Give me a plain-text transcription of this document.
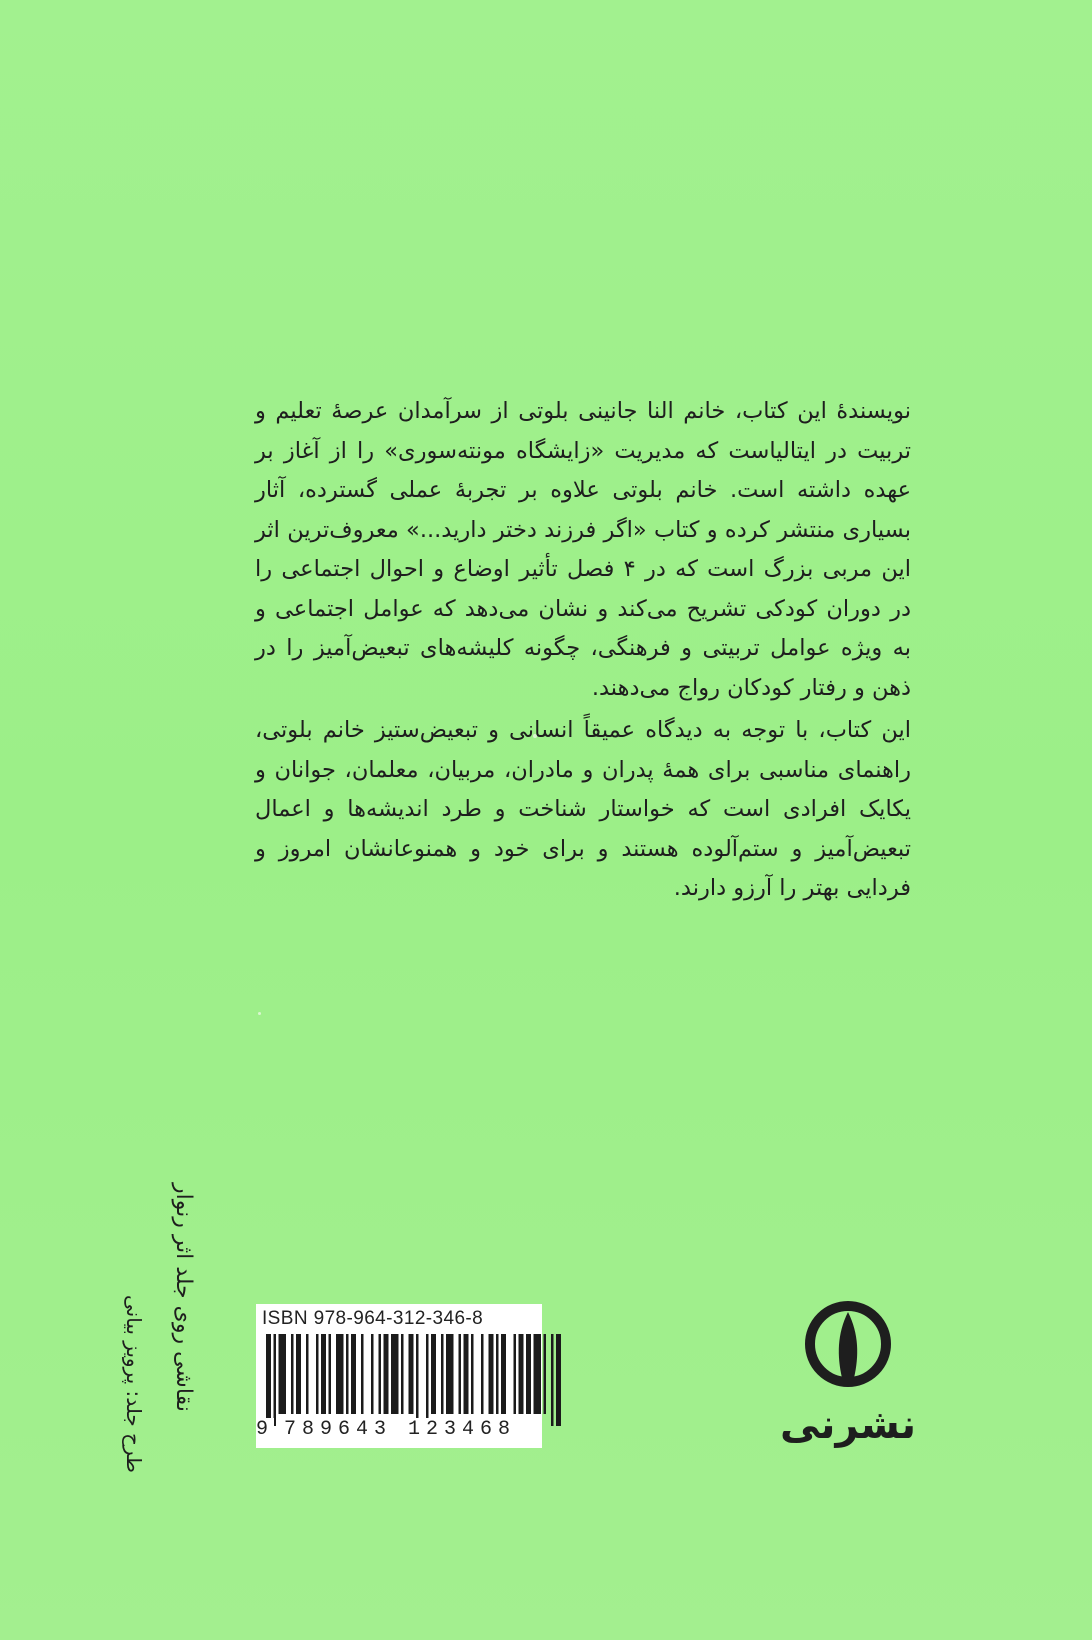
نویسندهٔ این کتاب، خانم النا جانینی بلوتی از سرآمدان عرصهٔ تعلیم و تربیت در ایتالیاست که مدیریت «زایشگاه مونته‌سوری» را از آغاز بر عهده داشته است. خانم بلوتی علاوه بر تجربهٔ عملی گسترده، آثار بسیاری منتشر کرده و کتاب «اگر فرزند دختر دارید...» معروف‌ترین اثر این مربی بزرگ است که در ۴ فصل تأثیر اوضاع و احوال اجتماعی را در دوران کودکی تشریح می‌کند و نشان می‌دهد که عوامل اجتماعی و به ویژه عوامل تربیتی و فرهنگی، چگونه کلیشه‌های تبعیض‌آمیز را در ذهن و رفتار کودکان رواج می‌دهند.

این کتاب، با توجه به دیدگاه عمیقاً انسانی و تبعیض‌ستیز خانم بلوتی، راهنمای مناسبی برای همهٔ پدران و مادران، مربیان، معلمان، جوانان و یکایک افرادی است که خواستار شناخت و طرد اندیشه‌ها و اعمال تبعیض‌آمیز و ستم‌آلوده هستند و برای خود و همنوعانشان امروز و فردایی بهتر را آرزو دارند.

ISBN 978-964-312-346-8
9 789643 123468	نشرنی
نقاشی روی جلد اثر رنوار
طرح جلد: پرویز بیانی
